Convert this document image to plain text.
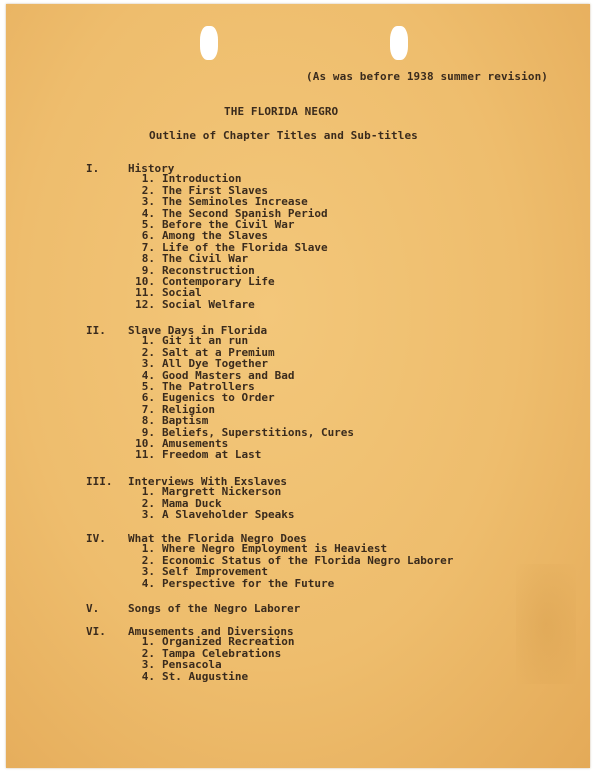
(As was before 1938 summer revision)
THE FLORIDA NEGRO
Outline of Chapter Titles and Sub-titles
I.	History
1. Introduction
2. The First Slaves
3. The Seminoles Increase
4. The Second Spanish Period
5. Before the Civil War
6. Among the Slaves
7. Life of the Florida Slave
8. The Civil War
9. Reconstruction
10. Contemporary Life
11. Social
12. Social Welfare
II.	Slave Days in Florida
1. Git it an run
2. Salt at a Premium
3. All Dye Together
4. Good Masters and Bad
5. The Patrollers
6. Eugenics to Order
7. Religion
8. Baptism
9. Beliefs, Superstitions, Cures
10. Amusements
11. Freedom at Last
III.	Interviews With Exslaves
1. Margrett Nickerson
2. Mama Duck
3. A Slaveholder Speaks
IV.	What the Florida Negro Does
1. Where Negro Employment is Heaviest
2. Economic Status of the Florida Negro Laborer
3. Self Improvement
4. Perspective for the Future
V.	Songs of the Negro Laborer
VI.	Amusements and Diversions
1. Organized Recreation
2. Tampa Celebrations
3. Pensacola
4. St. Augustine
